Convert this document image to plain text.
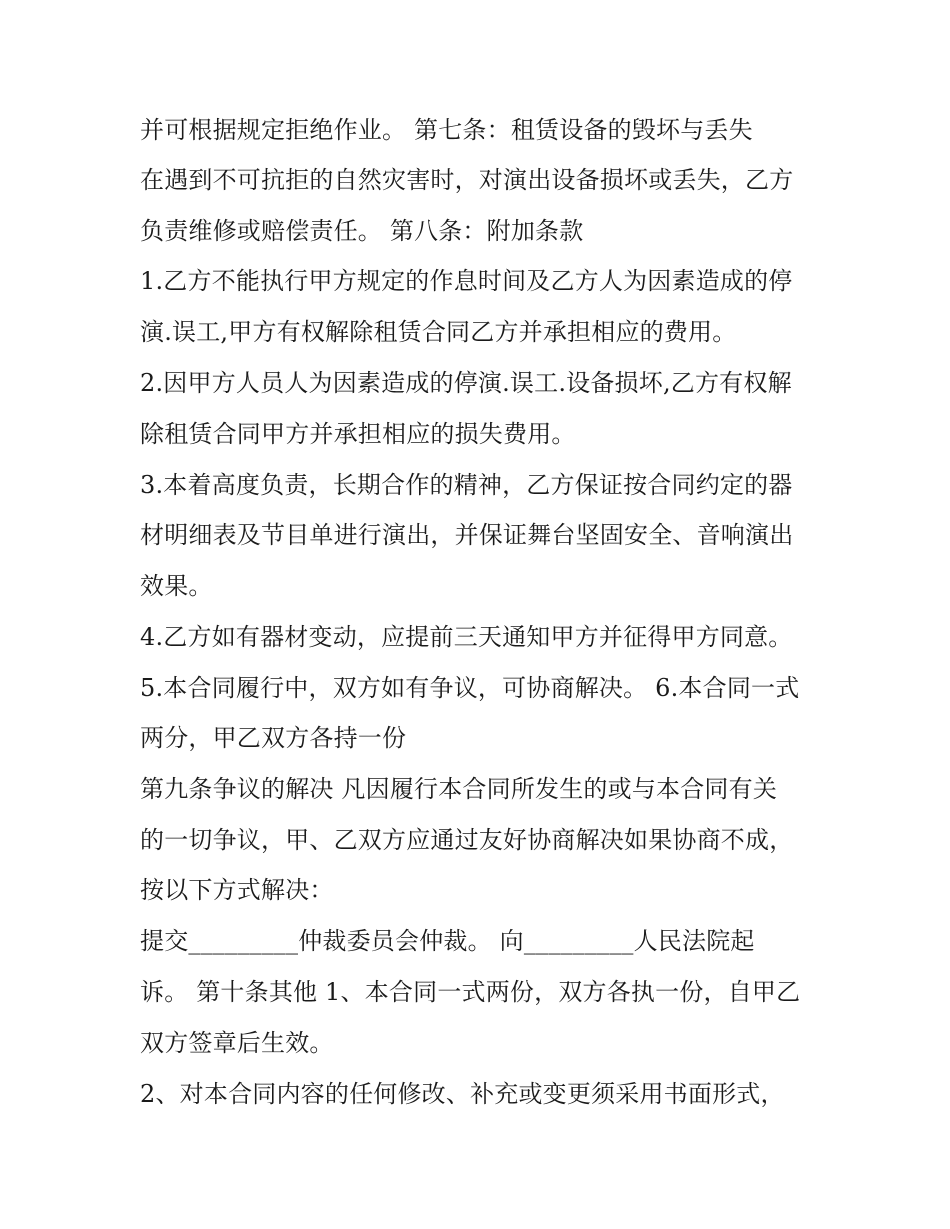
并可根据规定拒绝作业。 第七条：租赁设备的毁坏与丢失
在遇到不可抗拒的自然灾害时，对演出设备损坏或丢失，乙方
负责维修或赔偿责任。 第八条：附加条款
1.乙方不能执行甲方规定的作息时间及乙方人为因素造成的停
演.误工,甲方有权解除租赁合同乙方并承担相应的费用。
2.因甲方人员人为因素造成的停演.误工.设备损坏,乙方有权解
除租赁合同甲方并承担相应的损失费用。
3.本着高度负责，长期合作的精神，乙方保证按合同约定的器
材明细表及节目单进行演出，并保证舞台坚固安全、音响演出
效果。
4.乙方如有器材变动，应提前三天通知甲方并征得甲方同意。
5.本合同履行中，双方如有争议，可协商解决。 6.本合同一式
两分，甲乙双方各持一份
第九条争议的解决 凡因履行本合同所发生的或与本合同有关
的一切争议，甲、乙双方应通过友好协商解决如果协商不成，
按以下方式解决：
提交_________仲裁委员会仲裁。 向_________人民法院起
诉。 第十条其他 1、本合同一式两份，双方各执一份，自甲乙
双方签章后生效。
2、对本合同内容的任何修改、补充或变更须采用书面形式，
